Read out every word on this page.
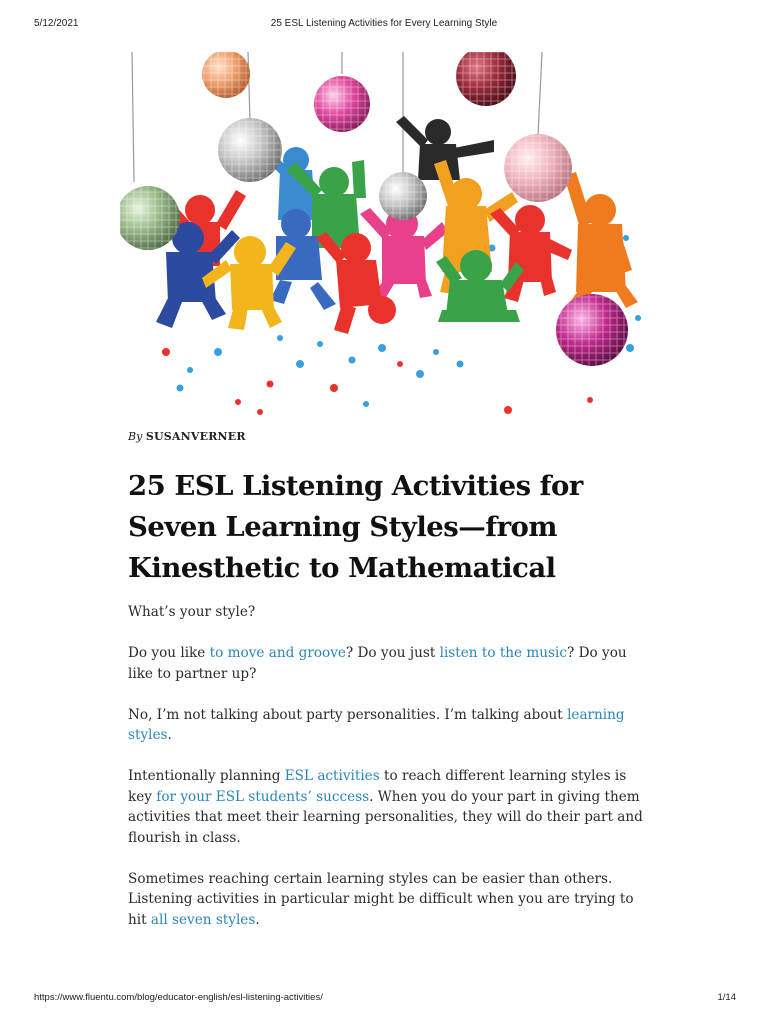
5/12/2021	25 ESL Listening Activities for Every Learning Style
By SUSANVERNER
25 ESL Listening Activities for Seven Learning Styles—from Kinesthetic to Mathematical

What’s your style?

Do you like to move and groove? Do you just listen to the music? Do you like to partner up?

No, I’m not talking about party personalities. I’m talking about learning styles.

Intentionally planning ESL activities to reach different learning styles is key for your ESL students’ success. When you do your part in giving them activities that meet their learning personalities, they will do their part and flourish in class.

Sometimes reaching certain learning styles can be easier than others. Listening activities in particular might be difficult when you are trying to hit all seven styles.

https://www.fluentu.com/blog/educator-english/esl-listening-activities/	1/14
